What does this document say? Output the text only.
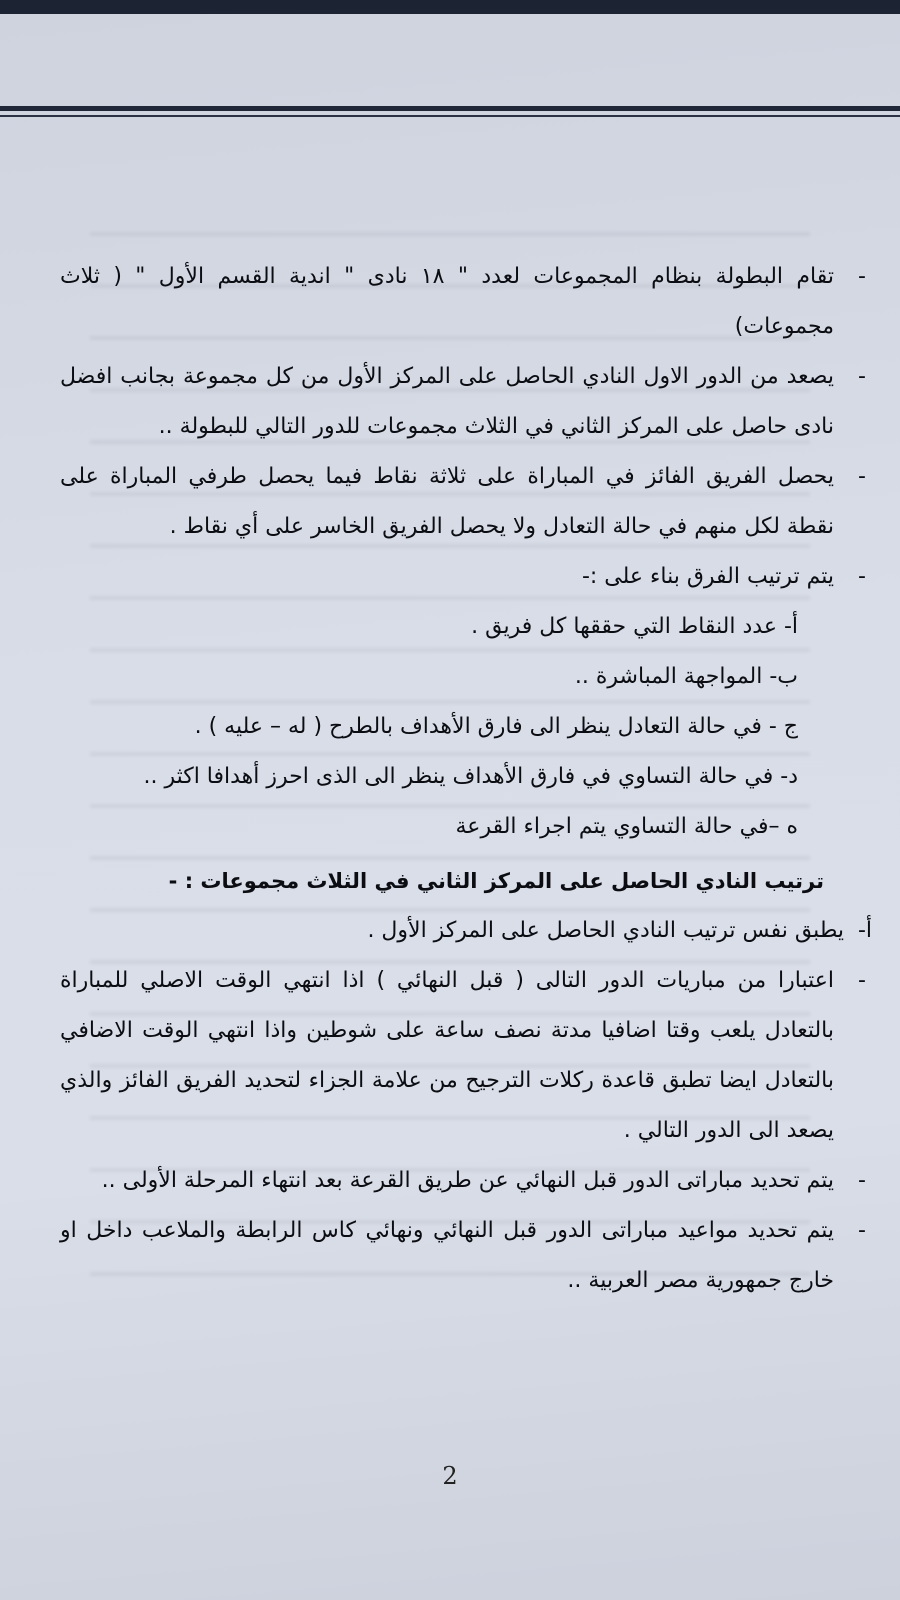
-
تقام البطولة بنظام المجموعات لعدد " ١٨ نادى " اندية القسم الأول " ( ثلاث مجموعات)
-
يصعد من الدور الاول النادي الحاصل على المركز الأول من كل مجموعة بجانب افضل نادى حاصل على المركز الثاني في الثلاث مجموعات للدور التالي للبطولة ..
-
يحصل الفريق الفائز في المباراة على ثلاثة نقاط فيما يحصل طرفي المباراة على نقطة لكل منهم في حالة التعادل ولا يحصل الفريق الخاسر على أي نقاط .
-
يتم ترتيب الفرق بناء على :-
أ- عدد النقاط التي حققها كل فريق .
ب- المواجهة المباشرة ..
ج - في حالة التعادل ينظر الى فارق الأهداف بالطرح ( له – عليه ) .
د- في حالة التساوي في فارق الأهداف ينظر الى الذى احرز أهدافا اكثر ..
ه –في حالة التساوي يتم اجراء القرعة
ترتيب النادي الحاصل على المركز الثاني في الثلاث مجموعات : -
أ-
يطبق نفس ترتيب النادي الحاصل على المركز الأول .
-
اعتبارا من مباريات الدور التالى ( قبل النهائي ) اذا انتهي الوقت الاصلي للمباراة بالتعادل يلعب وقتا اضافيا مدتة نصف ساعة على شوطين واذا انتهي الوقت الاضافي بالتعادل ايضا تطبق قاعدة ركلات الترجيح من علامة الجزاء لتحديد الفريق الفائز والذي يصعد الى الدور التالي .
-
يتم تحديد مباراتى الدور قبل النهائي عن طريق القرعة بعد انتهاء المرحلة الأولى ..
-
يتم تحديد مواعيد مباراتى الدور قبل النهائي ونهائي كاس الرابطة والملاعب داخل او خارج جمهورية مصر العربية ..
2
